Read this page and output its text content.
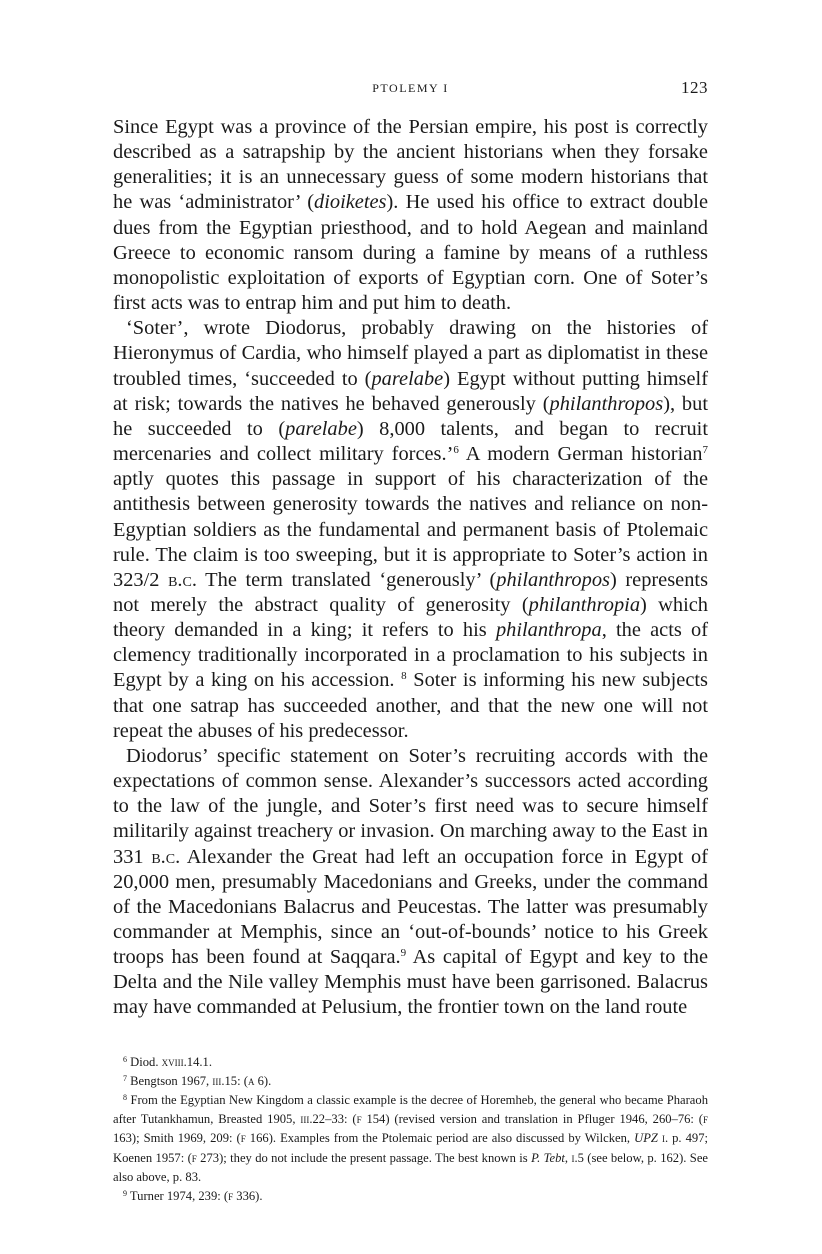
PTOLEMY I	123

Since Egypt was a province of the Persian empire, his post is correctly described as a satrapship by the ancient historians when they forsake generalities; it is an unnecessary guess of some modern historians that he was ‘administrator’ (dioiketes). He used his office to extract double dues from the Egyptian priesthood, and to hold Aegean and mainland Greece to economic ransom during a famine by means of a ruthless monopolistic exploitation of exports of Egyptian corn. One of Soter’s first acts was to entrap him and put him to death.

‘Soter’, wrote Diodorus, probably drawing on the histories of Hieronymus of Cardia, who himself played a part as diplomatist in these troubled times, ‘succeeded to (parelabe) Egypt without putting himself at risk; towards the natives he behaved generously (philanthropos), but he succeeded to (parelabe) 8,000 talents, and began to recruit mercenaries and collect military forces.’$^6$ A modern German historian$^7$ aptly quotes this passage in support of his characterization of the antithesis between generosity towards the natives and reliance on non-Egyptian soldiers as the fundamental and permanent basis of Ptolemaic rule. The claim is too sweeping, but it is appropriate to Soter’s action in 323/2 b.c. The term translated ‘generously’ (philanthropos) represents not merely the abstract quality of generosity (philanthropia) which theory demanded in a king; it refers to his philanthropa, the acts of clemency traditionally incorporated in a proclamation to his subjects in Egypt by a king on his accession. $^8$ Soter is informing his new subjects that one satrap has succeeded another, and that the new one will not repeat the abuses of his predecessor.

Diodorus’ specific statement on Soter’s recruiting accords with the expectations of common sense. Alexander’s successors acted according to the law of the jungle, and Soter’s first need was to secure himself militarily against treachery or invasion. On marching away to the East in 331 b.c. Alexander the Great had left an occupation force in Egypt of 20,000 men, presumably Macedonians and Greeks, under the command of the Macedonians Balacrus and Peucestas. The latter was presumably commander at Memphis, since an ‘out-of-bounds’ notice to his Greek troops has been found at Saqqara.$^9$ As capital of Egypt and key to the Delta and the Nile valley Memphis must have been garrisoned. Balacrus may have commanded at Pelusium, the frontier town on the land route

$^6$ Diod. xviii.14.1.

$^7$ Bengtson 1967, iii.15: (a 6).

$^8$ From the Egyptian New Kingdom a classic example is the decree of Horemheb, the general who became Pharaoh after Tutankhamun, Breasted 1905, iii.22–33: (f 154) (revised version and translation in Pfluger 1946, 260–76: (f 163); Smith 1969, 209: (f 166). Examples from the Ptolemaic period are also discussed by Wilcken, UPZ i. p. 497; Koenen 1957: (f 273); they do not include the present passage. The best known is P. Tebt, i.5 (see below, p. 162). See also above, p. 83.

$^9$ Turner 1974, 239: (f 336).
